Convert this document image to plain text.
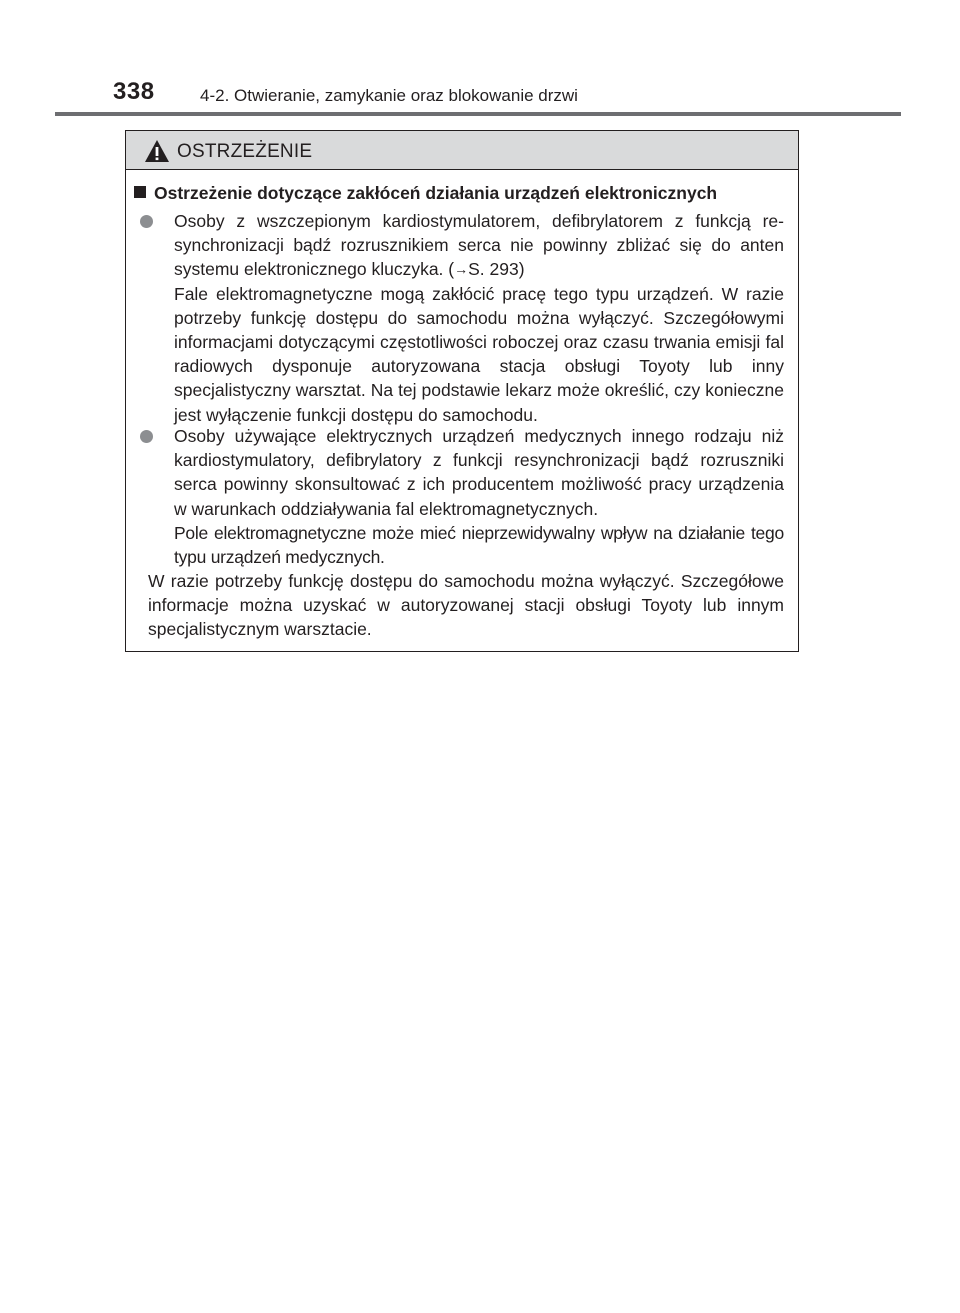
338	4-2. Otwieranie, zamykanie oraz blokowanie drzwi
OSTRZEŻENIE
Ostrzeżenie dotyczące zakłóceń działania urządzeń elektronicznych

Osoby z wszczepionym kardiostymulatorem, defibrylatorem z funkcją resynchronizacji bądź rozrusznikiem serca nie powinny zbliżać się do anten systemu elektronicznego kluczyka. (→S. 293)

Fale elektromagnetyczne mogą zakłócić pracę tego typu urządzeń. W razie potrzeby funkcję dostępu do samochodu można wyłączyć. Szczegółowymi informacjami dotyczącymi częstotliwości roboczej oraz czasu trwania emisji fal radiowych dysponuje autoryzowana stacja obsługi Toyoty lub inny specjalistyczny warsztat. Na tej podstawie lekarz może określić, czy konieczne jest wyłączenie funkcji dostępu do samochodu.

Osoby używające elektrycznych urządzeń medycznych innego rodzaju niż kardiostymulatory, defibrylatory z funkcji resynchronizacji bądź rozruszniki serca powinny skonsultować z ich producentem możliwość pracy urządzenia w warunkach oddziaływania fal elektromagnetycznych.

Pole elektromagnetyczne może mieć nieprzewidywalny wpływ na działanie tego typu urządzeń medycznych.

W razie potrzeby funkcję dostępu do samochodu można wyłączyć. Szczegółowe informacje można uzyskać w autoryzowanej stacji obsługi Toyoty lub innym specjalistycznym warsztacie.
